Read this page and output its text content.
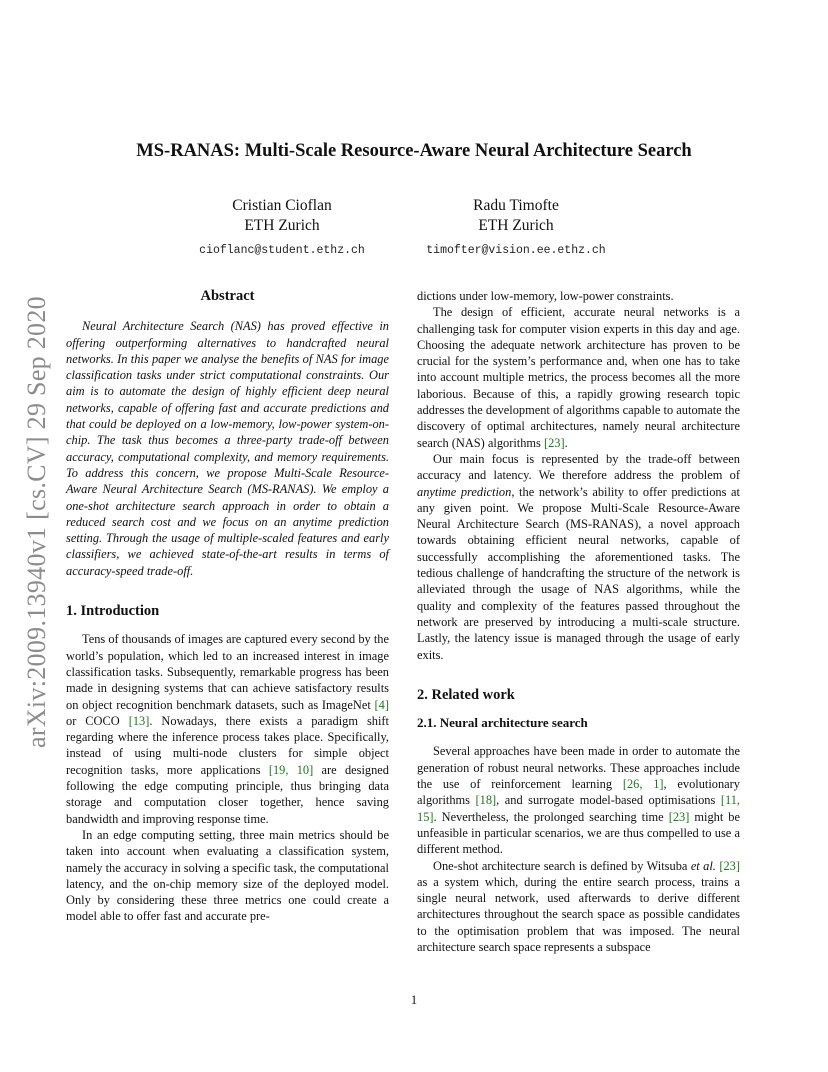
arXiv:2009.13940v1 [cs.CV] 29 Sep 2020
MS-RANAS: Multi-Scale Resource-Aware Neural Architecture Search
Cristian Cioflan
ETH Zurich
cioflanc@student.ethz.ch
Radu Timofte
ETH Zurich
timofter@vision.ee.ethz.ch
Abstract

Neural Architecture Search (NAS) has proved effective in offering outperforming alternatives to handcrafted neural networks. In this paper we analyse the benefits of NAS for image classification tasks under strict computational constraints. Our aim is to automate the design of highly efficient deep neural networks, capable of offering fast and accurate predictions and that could be deployed on a low-memory, low-power system-on-chip. The task thus becomes a three-party trade-off between accuracy, computational complexity, and memory requirements. To address this concern, we propose Multi-Scale Resource-Aware Neural Architecture Search (MS-RANAS). We employ a one-shot architecture search approach in order to obtain a reduced search cost and we focus on an anytime prediction setting. Through the usage of multiple-scaled features and early classifiers, we achieved state-of-the-art results in terms of accuracy-speed trade-off.

1. Introduction

Tens of thousands of images are captured every second by the world’s population, which led to an increased interest in image classification tasks. Subsequently, remarkable progress has been made in designing systems that can achieve satisfactory results on object recognition benchmark datasets, such as ImageNet [4] or COCO [13]. Nowadays, there exists a paradigm shift regarding where the inference process takes place. Specifically, instead of using multi-node clusters for simple object recognition tasks, more applications [19, 10] are designed following the edge computing principle, thus bringing data storage and computation closer together, hence saving bandwidth and improving response time.

In an edge computing setting, three main metrics should be taken into account when evaluating a classification system, namely the accuracy in solving a specific task, the computational latency, and the on-chip memory size of the deployed model. Only by considering these three metrics one could create a model able to offer fast and accurate pre-

dictions under low-memory, low-power constraints.

The design of efficient, accurate neural networks is a challenging task for computer vision experts in this day and age. Choosing the adequate network architecture has proven to be crucial for the system’s performance and, when one has to take into account multiple metrics, the process becomes all the more laborious. Because of this, a rapidly growing research topic addresses the development of algorithms capable to automate the discovery of optimal architectures, namely neural architecture search (NAS) algorithms [23].

Our main focus is represented by the trade-off between accuracy and latency. We therefore address the problem of anytime prediction, the network’s ability to offer predictions at any given point. We propose Multi-Scale Resource-Aware Neural Architecture Search (MS-RANAS), a novel approach towards obtaining efficient neural networks, capable of successfully accomplishing the aforementioned tasks. The tedious challenge of handcrafting the structure of the network is alleviated through the usage of NAS algorithms, while the quality and complexity of the features passed throughout the network are preserved by introducing a multi-scale structure. Lastly, the latency issue is managed through the usage of early exits.

2. Related work
2.1. Neural architecture search

Several approaches have been made in order to automate the generation of robust neural networks. These approaches include the use of reinforcement learning [26, 1], evolutionary algorithms [18], and surrogate model-based optimisations [11, 15]. Nevertheless, the prolonged searching time [23] might be unfeasible in particular scenarios, we are thus compelled to use a different method.

One-shot architecture search is defined by Witsuba et al. [23] as a system which, during the entire search process, trains a single neural network, used afterwards to derive different architectures throughout the search space as possible candidates to the optimisation problem that was imposed. The neural architecture search space represents a subspace

1
